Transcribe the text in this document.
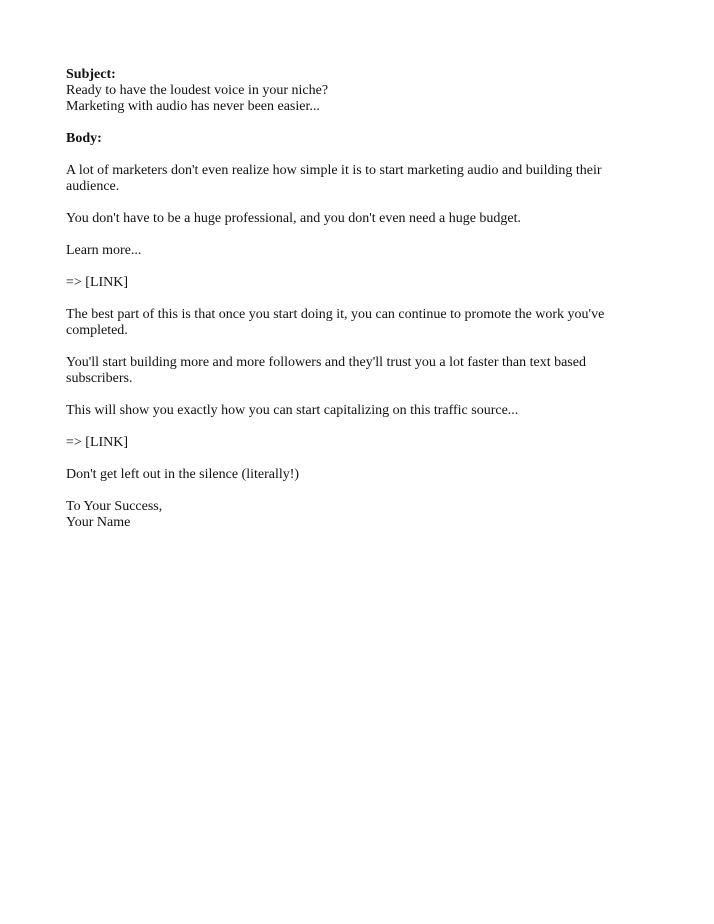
Subject:
Ready to have the loudest voice in your niche?
Marketing with audio has never been easier...
Body:

A lot of marketers don't even realize how simple it is to start marketing audio and building their audience.

You don't have to be a huge professional, and you don't even need a huge budget.

Learn more...

=> [LINK]

The best part of this is that once you start doing it, you can continue to promote the work you've completed.

You'll start building more and more followers and they'll trust you a lot faster than text based subscribers.

This will show you exactly how you can start capitalizing on this traffic source...

=> [LINK]

Don't get left out in the silence (literally!)

To Your Success,
Your Name
